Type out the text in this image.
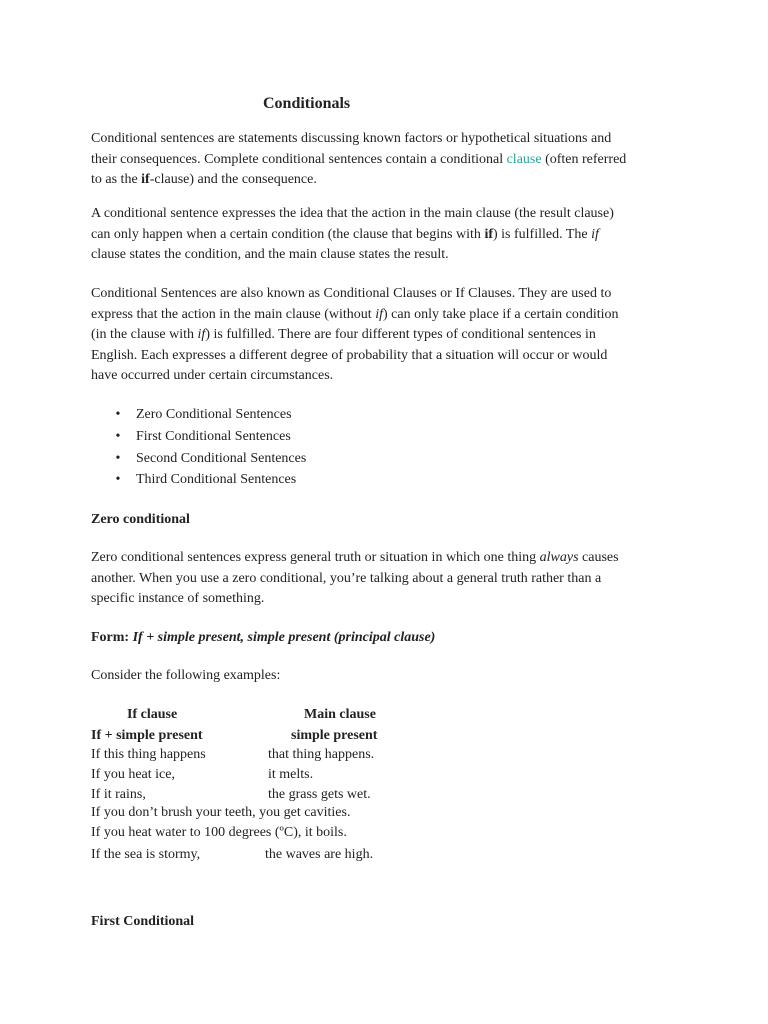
Conditionals
Conditional sentences are statements discussing known factors or hypothetical situations and
their consequences. Complete conditional sentences contain a conditional clause (often referred
to as the if-clause) and the consequence.
A conditional sentence expresses the idea that the action in the main clause (the result clause)
can only happen when a certain condition (the clause that begins with if) is fulfilled. The if
clause states the condition, and the main clause states the result.
Conditional Sentences are also known as Conditional Clauses or If Clauses. They are used to
express that the action in the main clause (without if) can only take place if a certain condition
(in the clause with if) is fulfilled. There are four different types of conditional sentences in
English. Each expresses a different degree of probability that a situation will occur or would
have occurred under certain circumstances.
• Zero Conditional Sentences
• First Conditional Sentences
• Second Conditional Sentences
• Third Conditional Sentences
Zero conditional
Zero conditional sentences express general truth or situation in which one thing always causes
another. When you use a zero conditional, you’re talking about a general truth rather than a
specific instance of something.
Form: If + simple present, simple present (principal clause)
Consider the following examples:
If clause	Main clause
If + simple present	simple present
If this thing happens	that thing happens.
If you heat ice,	it melts.
If it rains,	the grass gets wet.
If you don’t brush your teeth, you get cavities.
If you heat water to 100 degrees (ºC), it boils.
If the sea is stormy,	the waves are high.
First Conditional
